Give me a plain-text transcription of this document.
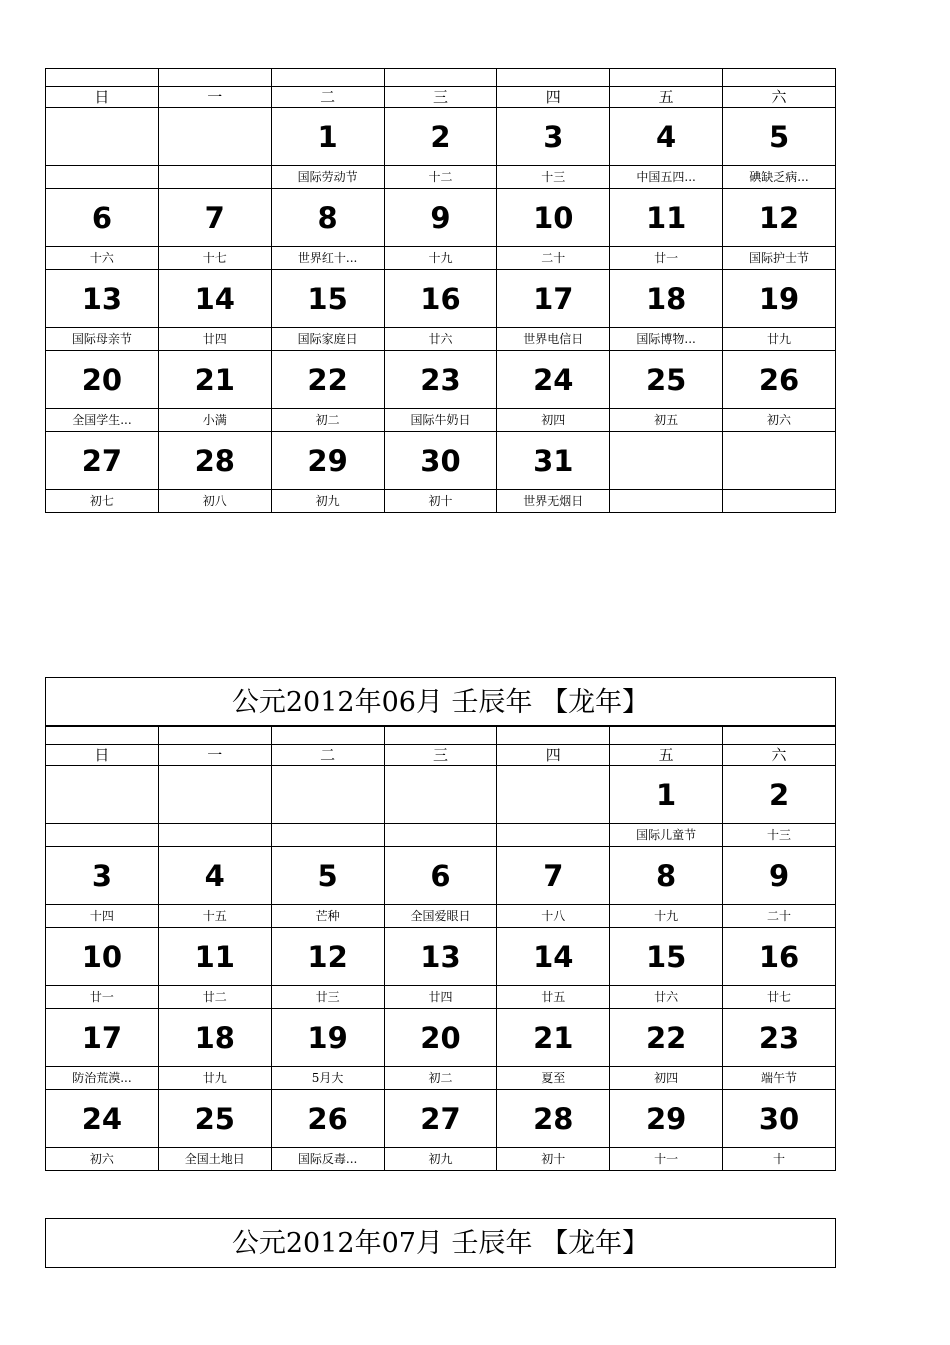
日	一	二	三	四	五	六
		1	2	3	4	5
		国际劳动节	十二	十三	中国五四...	碘缺乏病...
6	7	8	9	10	11	12
十六	十七	世界红十...	十九	二十	廿一	国际护士节
13	14	15	16	17	18	19
国际母亲节	廿四	国际家庭日	廿六	世界电信日	国际博物...	廿九
20	21	22	23	24	25	26
全国学生...	小满	初二	国际牛奶日	初四	初五	初六
27	28	29	30	31		
初七	初八	初九	初十	世界无烟日		
公元2012年06月 壬辰年 【龙年】

日	一	二	三	四	五	六
					1	2
					国际儿童节	十三
3	4	5	6	7	8	9
十四	十五	芒种	全国爱眼日	十八	十九	二十
10	11	12	13	14	15	16
廿一	廿二	廿三	廿四	廿五	廿六	廿七
17	18	19	20	21	22	23
防治荒漠...	廿九	5月大	初二	夏至	初四	端午节
24	25	26	27	28	29	30
初六	全国土地日	国际反毒...	初九	初十	十一	十
公元2012年07月 壬辰年 【龙年】
